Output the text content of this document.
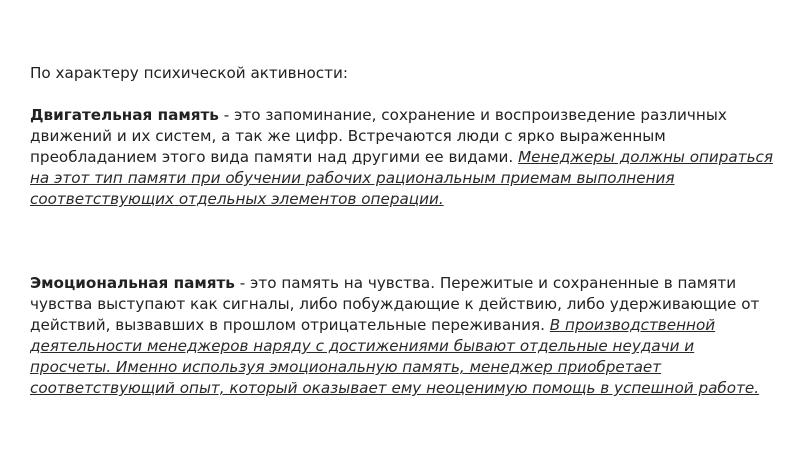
По характеру психической активности:

Двигательная память - это запоминание, сохранение и воспроизведение различных движений и их систем, а так же цифр. Встречаются люди с ярко выраженным преобладанием этого вида памяти над другими ее видами. Менеджеры должны опираться на этот тип памяти при обучении рабочих рациональным приемам выполнения соответствующих отдельных элементов операции.

Эмоциональная память - это память на чувства. Пережитые и сохраненные в памяти чувства выступают как сигналы, либо побуждающие к действию, либо удерживающие от действий, вызвавших в прошлом отрицательные переживания. В производственной деятельности менеджеров наряду с достижениями бывают отдельные неудачи и просчеты. Именно используя эмоциональную память, менеджер приобретает соответствующий опыт, который оказывает ему неоценимую помощь в успешной работе.
